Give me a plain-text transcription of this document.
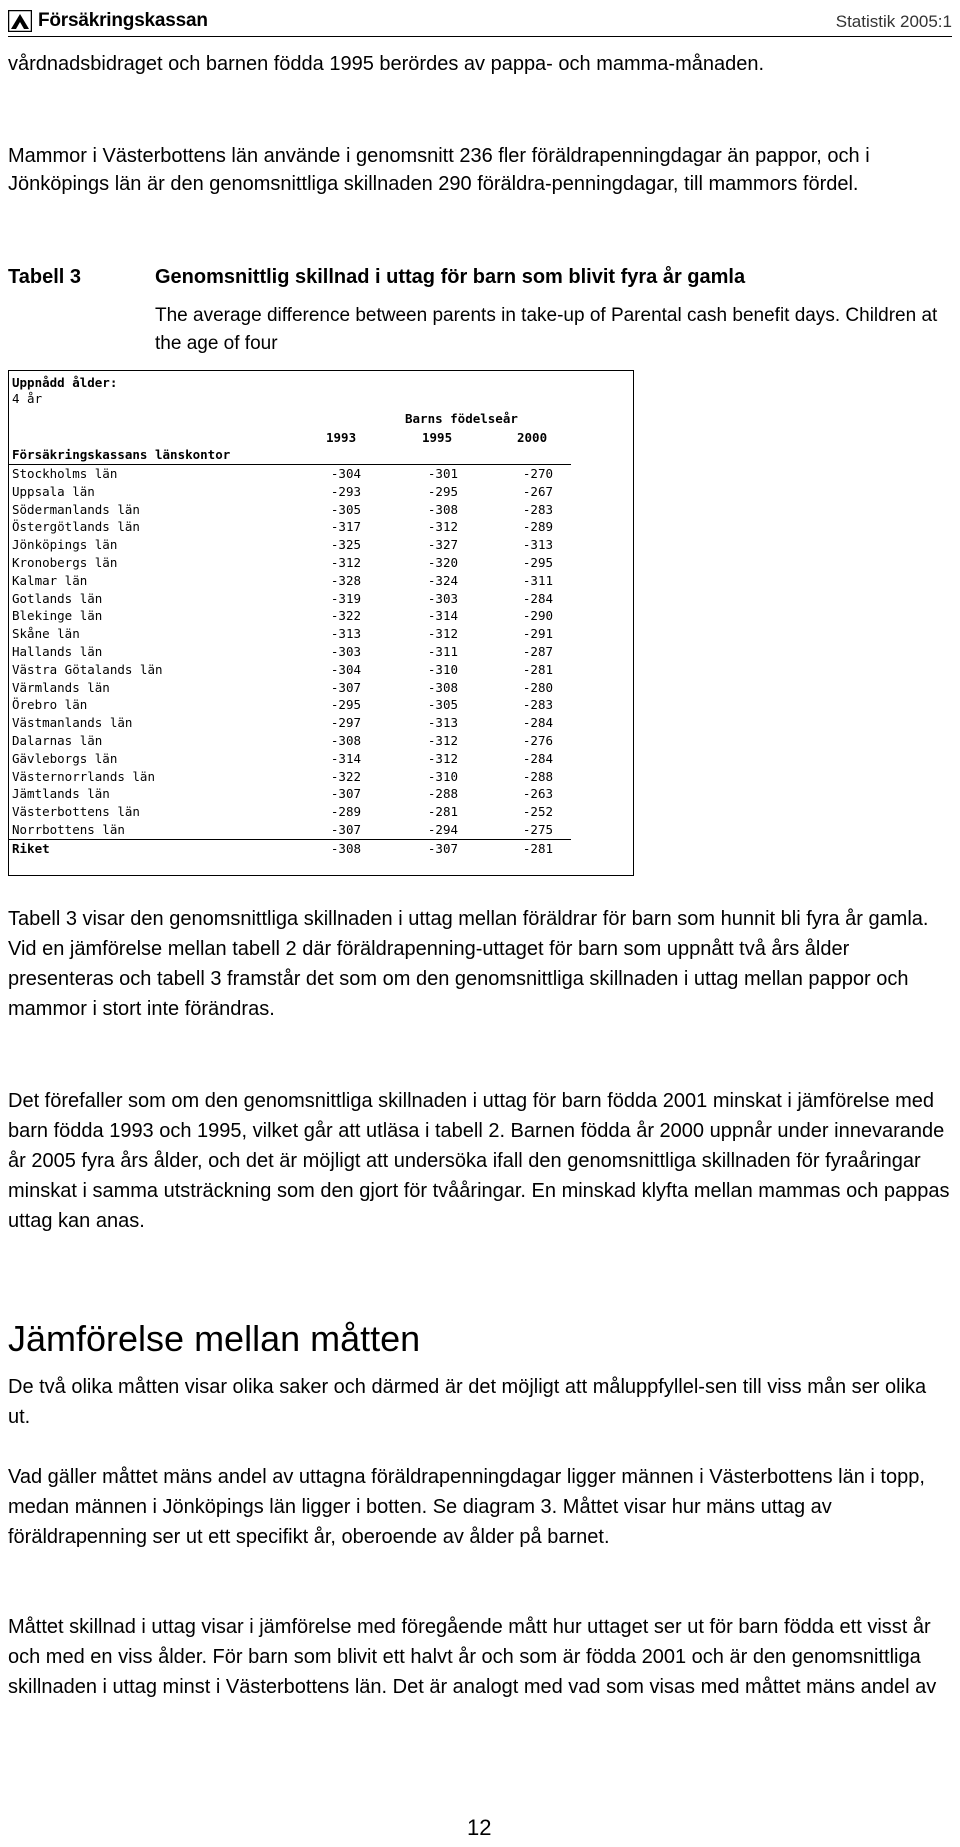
Försäkringskassan	Statistik 2005:1

vårdnadsbidraget och barnen födda 1995 berördes av pappa- och mamma-månaden.

Mammor i Västerbottens län använde i genomsnitt 236 fler föräldrapenningdagar än pappor, och i Jönköpings län är den genomsnittliga skillnaden 290 föräldra-penningdagar, till mammors fördel.

Tabell 3	Genomsnittlig skillnad i uttag för barn som blivit fyra år gamla

The average difference between parents in take-up of Parental cash benefit days. Children at the age of four

Uppnådd ålder:
4 år
Barns födelseår
1993	1995	2000
Försäkringskassans länskontor
Stockholms län	-304	-301	-270
Uppsala län	-293	-295	-267
Södermanlands län	-305	-308	-283
Östergötlands län	-317	-312	-289
Jönköpings län	-325	-327	-313
Kronobergs län	-312	-320	-295
Kalmar län	-328	-324	-311
Gotlands län	-319	-303	-284
Blekinge län	-322	-314	-290
Skåne län	-313	-312	-291
Hallands län	-303	-311	-287
Västra Götalands län	-304	-310	-281
Värmlands län	-307	-308	-280
Örebro län	-295	-305	-283
Västmanlands län	-297	-313	-284
Dalarnas län	-308	-312	-276
Gävleborgs län	-314	-312	-284
Västernorrlands län	-322	-310	-288
Jämtlands län	-307	-288	-263
Västerbottens län	-289	-281	-252
Norrbottens län	-307	-294	-275
Riket	-308	-307	-281

Tabell 3 visar den genomsnittliga skillnaden i uttag mellan föräldrar för barn som hunnit bli fyra år gamla. Vid en jämförelse mellan tabell 2 där föräldrapenning-uttaget för barn som uppnått två års ålder presenteras och tabell 3 framstår det som om den genomsnittliga skillnaden i uttag mellan pappor och mammor i stort inte förändras.

Det förefaller som om den genomsnittliga skillnaden i uttag för barn födda 2001 minskat i jämförelse med barn födda 1993 och 1995, vilket går att utläsa i tabell 2. Barnen födda år 2000 uppnår under innevarande år 2005 fyra års ålder, och det är möjligt att undersöka ifall den genomsnittliga skillnaden för fyraåringar minskat i samma utsträckning som den gjort för tvååringar. En minskad klyfta mellan mammas och pappas uttag kan anas.

Jämförelse mellan måtten

De två olika måtten visar olika saker och därmed är det möjligt att måluppfyllel-sen till viss mån ser olika ut.

Vad gäller måttet mäns andel av uttagna föräldrapenningdagar ligger männen i Västerbottens län i topp, medan männen i Jönköpings län ligger i botten. Se diagram 3. Måttet visar hur mäns uttag av föräldrapenning ser ut ett specifikt år, oberoende av ålder på barnet.

Måttet skillnad i uttag visar i jämförelse med föregående mått hur uttaget ser ut för barn födda ett visst år och med en viss ålder. För barn som blivit ett halvt år och som är födda 2001 och är den genomsnittliga skillnaden i uttag minst i Västerbottens län. Det är analogt med vad som visas med måttet mäns andel av

12
